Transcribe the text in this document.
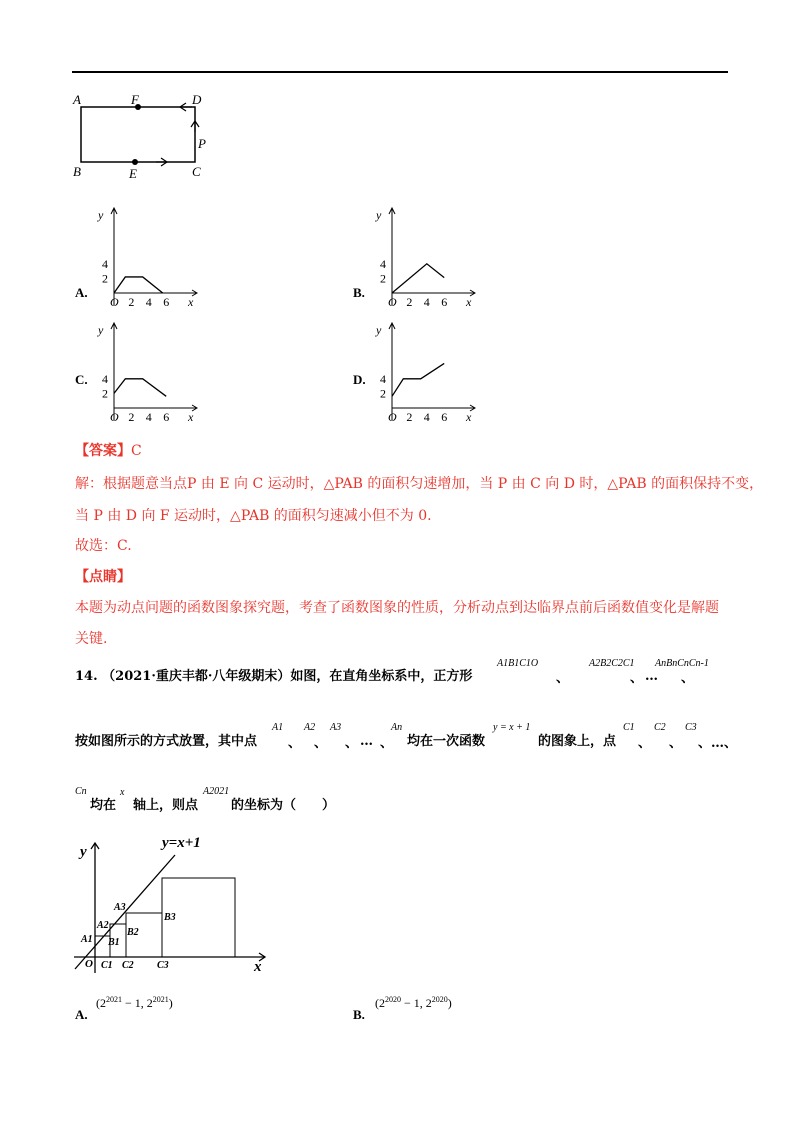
A	F	D
B	E	C
P
A.
y
x
O 2 4 6
2
4
B.
y
x
O 2 4 6
2
4
C.
y
x
O 2 4 6
2
4	D.
y
x
O 2 4 6
2
4
【答案】C
解：根据题意当点P 由 E 向 C 运动时，△PAB 的面积匀速增加，当 P 由 C 向 D 时，△PAB 的面积保持不变，
当 P 由 D 向 F 运动时，△PAB 的面积匀速减小但不为 0.
故选：C.
【点睛】
本题为动点问题的函数图象探究题，考查了函数图象的性质，分析动点到达临界点前后函数值变化是解题
关键.
14. （2021·重庆丰都·八年级期末）如图，在直角坐标系中，正方形
A1B1C1O
、
A2B2C2C1
、 …
AnBnCnCn-1
、
按如图所示的方式放置，其中点
A1
、
A2
、
A3
、 … 、
An
均在一次函数
y = x + 1
的图象上，点
C1
、
C2
、
C3
、…、
Cn
均在
x
轴上，则点
A2021
的坐标为（　　）
y=x+1
y
x
O
A1
A2
A3
B1
B2
B3
C1 C2 C3
A.
($2^{2021} - 1$, $2^{2021}$)
B.
($2^{2020} - 1$, $2^{2020}$)
